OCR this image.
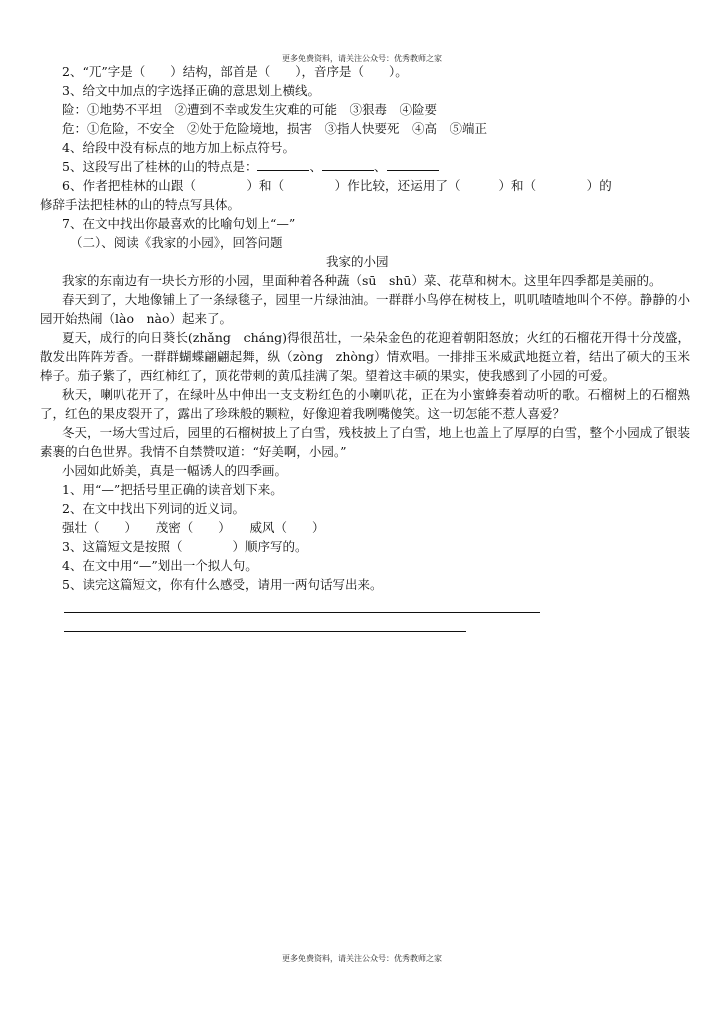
更多免费资料，请关注公众号：优秀教师之家
2、“兀”字是（　　）结构，部首是（　　），音序是（　　）。
3、给文中加点的字选择正确的意思划上横线。
险：①地势不平坦　②遭到不幸或发生灾难的可能　③狠毒　④险要
危：①危险，不安全　②处于危险境地，损害　③指人快要死　④高　⑤端正
4、给段中没有标点的地方加上标点符号。
5、这段写出了桂林的山的特点是：	、	、
6、作者把桂林的山跟（　　　　）和（　　　　）作比较，还运用了（　　　）和（　　　　）的
修辞手法把桂林的山的特点写具体。
7、在文中找出你最喜欢的比喻句划上“—”
（二）、阅读《我家的小园》，回答问题
我家的小园
我家的东南边有一块长方形的小园，里面种着各种蔬（sū　shū）菜、花草和树木。这里年四季都是美丽的。
春天到了，大地像铺上了一条绿毯子，园里一片绿油油。一群群小鸟停在树枝上，叽叽喳喳地叫个不停。静静的小园开始热闹（lào　nào）起来了。
夏天，成行的向日葵长(zhǎng　cháng)得很茁壮，一朵朵金色的花迎着朝阳怒放；火红的石榴花开得十分茂盛，散发出阵阵芳香。一群群蝴蝶翩翩起舞，纵（zòng　zhòng）情欢唱。一排排玉米威武地挺立着，结出了硕大的玉米棒子。茄子紫了，西红柿红了，顶花带刺的黄瓜挂满了架。望着这丰硕的果实，使我感到了小园的可爱。
秋天，喇叭花开了，在绿叶丛中伸出一支支粉红色的小喇叭花，正在为小蜜蜂奏着动听的歌。石榴树上的石榴熟了，红色的果皮裂开了，露出了珍珠般的颗粒，好像迎着我咧嘴傻笑。这一切怎能不惹人喜爱？
冬天，一场大雪过后，园里的石榴树披上了白雪，残枝披上了白雪，地上也盖上了厚厚的白雪，整个小园成了银装素裹的白色世界。我情不自禁赞叹道：“好美啊，小园。”
小园如此娇美，真是一幅诱人的四季画。
1、用“—”把括号里正确的读音划下来。
2、在文中找出下列词的近义词。
强壮（　　）　　茂密（　　）　　威风（　　）
3、这篇短文是按照（　　　　）顺序写的。
4、在文中用“—”划出一个拟人句。
5、读完这篇短文，你有什么感受，请用一两句话写出来。
更多免费资料，请关注公众号：优秀教师之家
